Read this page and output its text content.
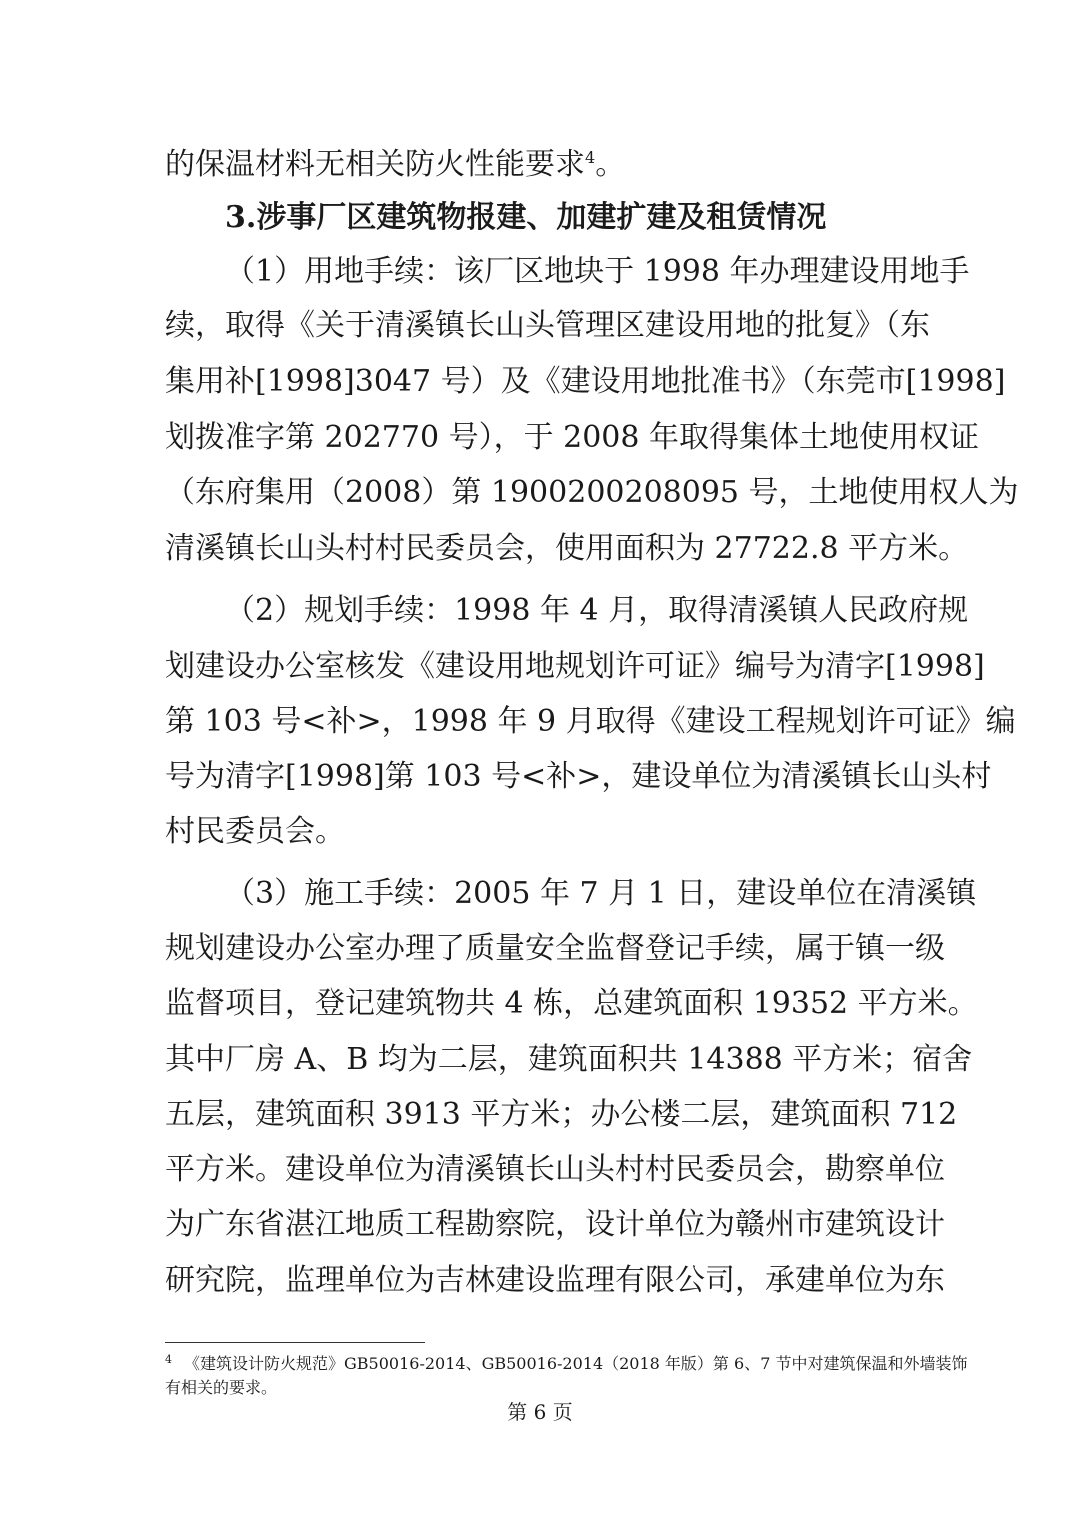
的保温材料无相关防火性能要求$^4$。
3.涉事厂区建筑物报建、加建扩建及租赁情况
（1）用地手续：该厂区地块于 1998 年办理建设用地手
续，取得《关于清溪镇长山头管理区建设用地的批复》（东
集用补[1998]3047 号）及《建设用地批准书》（东莞市[1998]
划拨准字第 202770 号），于 2008 年取得集体土地使用权证
（东府集用（2008）第 1900200208095 号，土地使用权人为
清溪镇长山头村村民委员会，使用面积为 27722.8 平方米。
（2）规划手续：1998 年 4 月，取得清溪镇人民政府规
划建设办公室核发《建设用地规划许可证》编号为清字[1998]
第 103 号<补>，1998 年 9 月取得《建设工程规划许可证》编
号为清字[1998]第 103 号<补>，建设单位为清溪镇长山头村
村民委员会。
（3）施工手续：2005 年 7 月 1 日，建设单位在清溪镇
规划建设办公室办理了质量安全监督登记手续，属于镇一级
监督项目，登记建筑物共 4 栋，总建筑面积 19352 平方米。
其中厂房 A、B 均为二层，建筑面积共 14388 平方米；宿舍
五层，建筑面积 3913 平方米；办公楼二层，建筑面积 712
平方米。建设单位为清溪镇长山头村村民委员会，勘察单位
为广东省湛江地质工程勘察院，设计单位为赣州市建筑设计
研究院，监理单位为吉林建设监理有限公司，承建单位为东
$^4$ 《建筑设计防火规范》GB50016-2014、GB50016-2014（2018 年版）第 6、7 节中对建筑保温和外墙装饰
有相关的要求。
第 6 页
